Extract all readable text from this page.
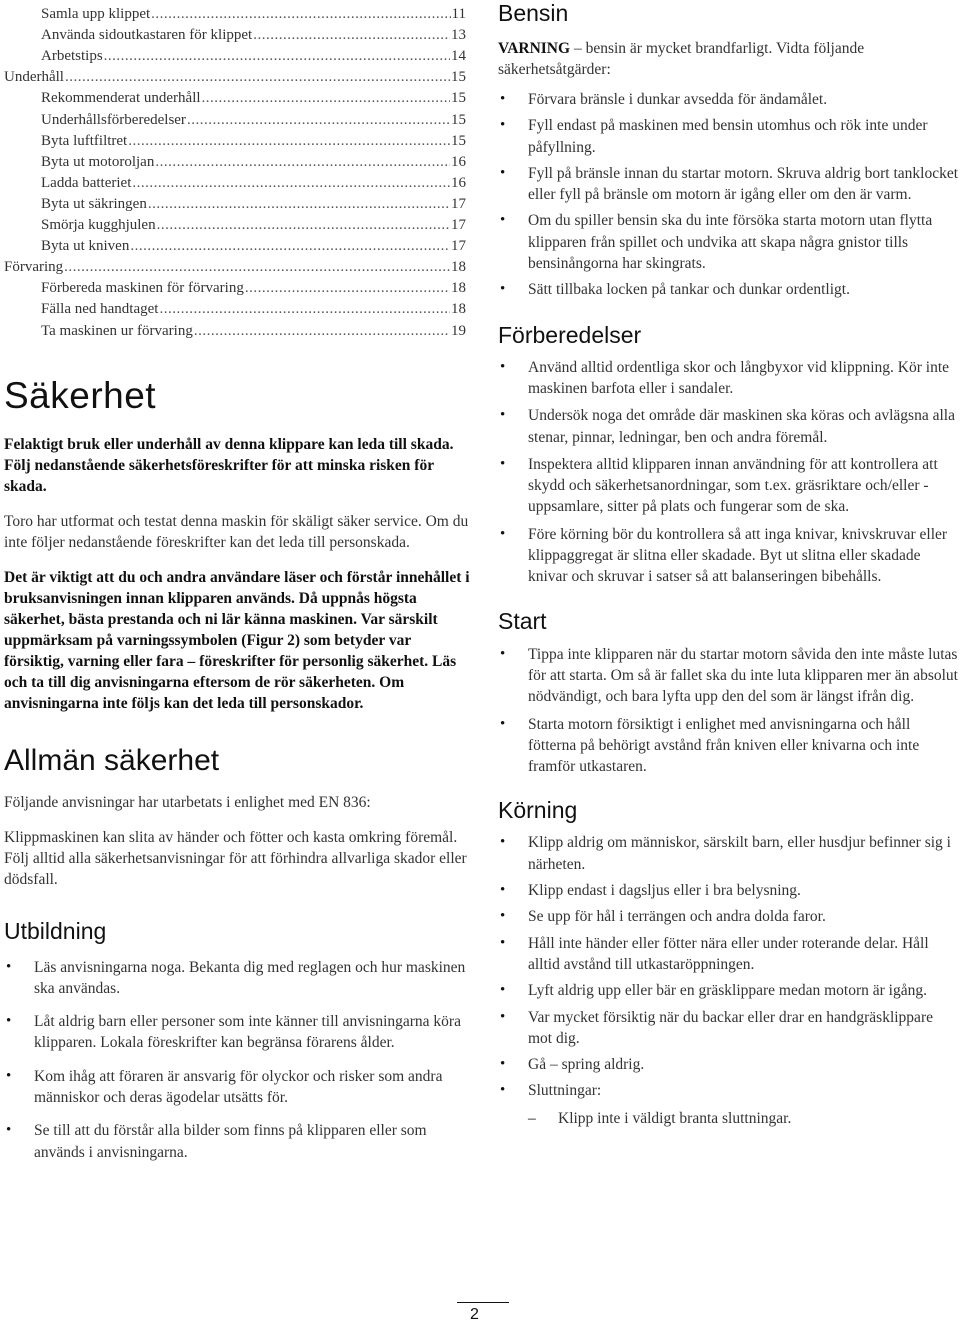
Samla upp klippet .....	11
Använda sidoutkastaren för klippet .....	13
Arbetstips .....	14
Underhåll .....	15
Rekommenderat underhåll .....	15
Underhållsförberedelser .....	15
Byta luftfiltret .....	15
Byta ut motoroljan .....	16
Ladda batteriet .....	16
Byta ut säkringen .....	17
Smörja kugghjulen .....	17
Byta ut kniven .....	17
Förvaring .....	18
Förbereda maskinen för förvaring .....	18
Fälla ned handtaget .....	18
Ta maskinen ur förvaring .....	19
Säkerhet

Felaktigt bruk eller underhåll av denna klippare kan leda till skada. Följ nedanstående säkerhetsföreskrifter för att minska risken för skada.

Toro har utformat och testat denna maskin för skäligt säker service. Om du inte följer nedanstående föreskrifter kan det leda till personskada.

Det är viktigt att du och andra användare läser och förstår innehållet i bruksanvisningen innan klipparen används. Då uppnås högsta säkerhet, bästa prestanda och ni lär känna maskinen. Var särskilt uppmärksam på varningssymbolen (Figur 2) som betyder var försiktig, varning eller fara – föreskrifter för personlig säkerhet. Läs och ta till dig anvisningarna eftersom de rör säkerheten. Om anvisningarna inte följs kan det leda till personskador.

Allmän säkerhet

Följande anvisningar har utarbetats i enlighet med EN 836:

Klippmaskinen kan slita av händer och fötter och kasta omkring föremål. Följ alltid alla säkerhetsanvisningar för att förhindra allvarliga skador eller dödsfall.

Utbildning
• Läs anvisningarna noga. Bekanta dig med reglagen och hur maskinen ska användas.
• Låt aldrig barn eller personer som inte känner till anvisningarna köra klipparen. Lokala föreskrifter kan begränsa förarens ålder.
• Kom ihåg att föraren är ansvarig för olyckor och risker som andra människor och deras ägodelar utsätts för.
• Se till att du förstår alla bilder som finns på klipparen eller som används i anvisningarna.
Bensin

VARNING – bensin är mycket brandfarligt. Vidta följande säkerhetsåtgärder:

• Förvara bränsle i dunkar avsedda för ändamålet.
• Fyll endast på maskinen med bensin utomhus och rök inte under påfyllning.
• Fyll på bränsle innan du startar motorn. Skruva aldrig bort tanklocket eller fyll på bränsle om motorn är igång eller om den är varm.
• Om du spiller bensin ska du inte försöka starta motorn utan flytta klipparen från spillet och undvika att skapa några gnistor tills bensinångorna har skingrats.
• Sätt tillbaka locken på tankar och dunkar ordentligt.
Förberedelser
• Använd alltid ordentliga skor och långbyxor vid klippning. Kör inte maskinen barfota eller i sandaler.
• Undersök noga det område där maskinen ska köras och avlägsna alla stenar, pinnar, ledningar, ben och andra föremål.
• Inspektera alltid klipparen innan användning för att kontrollera att skydd och säkerhetsanordningar, som t.ex. gräsriktare och/eller -uppsamlare, sitter på plats och fungerar som de ska.
• Före körning bör du kontrollera så att inga knivar, knivskruvar eller klippaggregat är slitna eller skadade. Byt ut slitna eller skadade knivar och skruvar i satser så att balanseringen bibehålls.
Start
• Tippa inte klipparen när du startar motorn såvida den inte måste lutas för att starta. Om så är fallet ska du inte luta klipparen mer än absolut nödvändigt, och bara lyfta upp den del som är längst ifrån dig.
• Starta motorn försiktigt i enlighet med anvisningarna och håll fötterna på behörigt avstånd från kniven eller knivarna och inte framför utkastaren.
Körning
• Klipp aldrig om människor, särskilt barn, eller husdjur befinner sig i närheten.
• Klipp endast i dagsljus eller i bra belysning.
• Se upp för hål i terrängen och andra dolda faror.
• Håll inte händer eller fötter nära eller under roterande delar. Håll alltid avstånd till utkastaröppningen.
• Lyft aldrig upp eller bär en gräsklippare medan motorn är igång.
• Var mycket försiktig när du backar eller drar en handgräsklippare mot dig.
• Gå – spring aldrig.
• Sluttningar:
– Klipp inte i väldigt branta sluttningar.
2
